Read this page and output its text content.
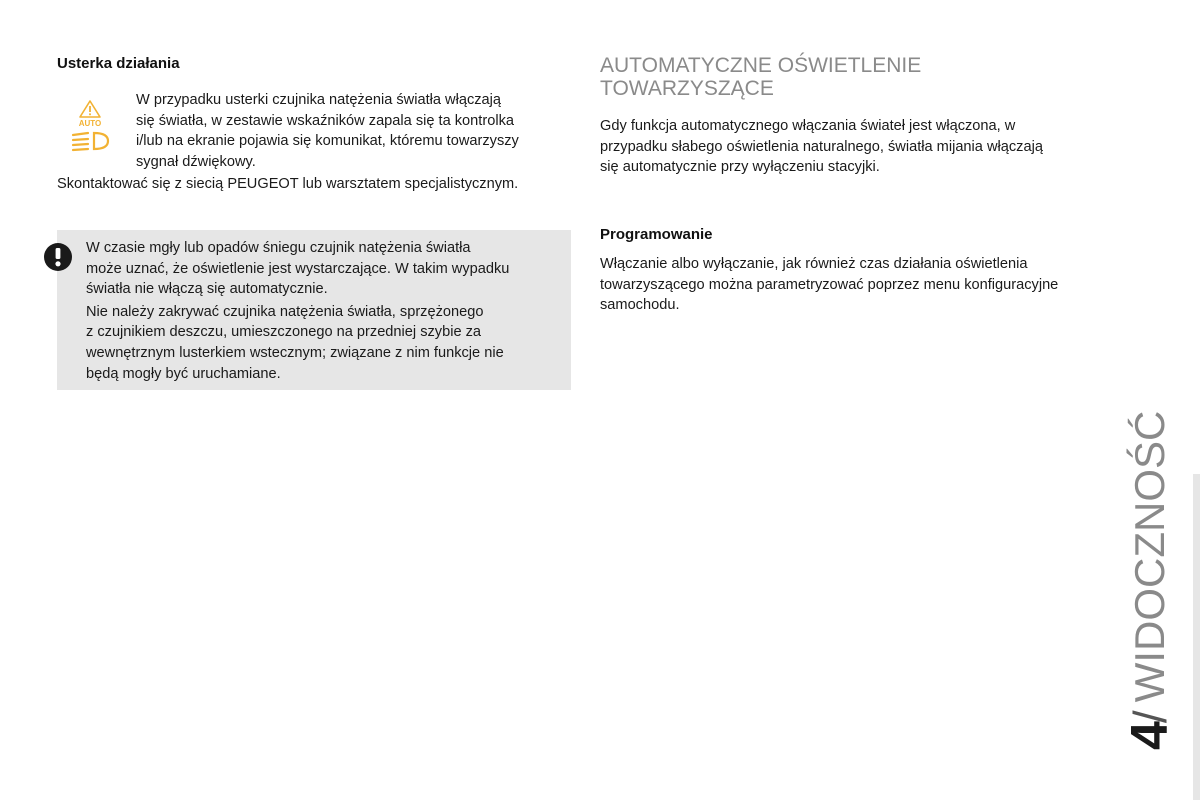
Usterka działania
AUTO
W przypadku usterki czujnika natężenia światła włączają
się światła, w zestawie wskaźników zapala się ta kontrolka
i/lub na ekranie pojawia się komunikat, któremu towarzyszy
sygnał dźwiękowy.
Skontaktować się z siecią PEUGEOT lub warsztatem specjalistycznym.
W czasie mgły lub opadów śniegu czujnik natężenia światła
może uznać, że oświetlenie jest wystarczające. W takim wypadku
światła nie włączą się automatycznie.
Nie należy zakrywać czujnika natężenia światła, sprzężonego
z czujnikiem deszczu, umieszczonego na przedniej szybie za
wewnętrznym lusterkiem wstecznym; związane z nim funkcje nie
będą mogły być uruchamiane.
AUTOMATYCZNE OŚWIETLENIE
TOWARZYSZĄCE
Gdy funkcja automatycznego włączania świateł jest włączona, w
przypadku słabego oświetlenia naturalnego, światła mijania włączają
się automatycznie przy wyłączeniu stacyjki.
Programowanie
Włączanie albo wyłączanie, jak również czas działania oświetlenia
towarzyszącego można parametryzować poprzez menu konfiguracyjne
samochodu.
4
/
WIDOCZNOŚĆ
